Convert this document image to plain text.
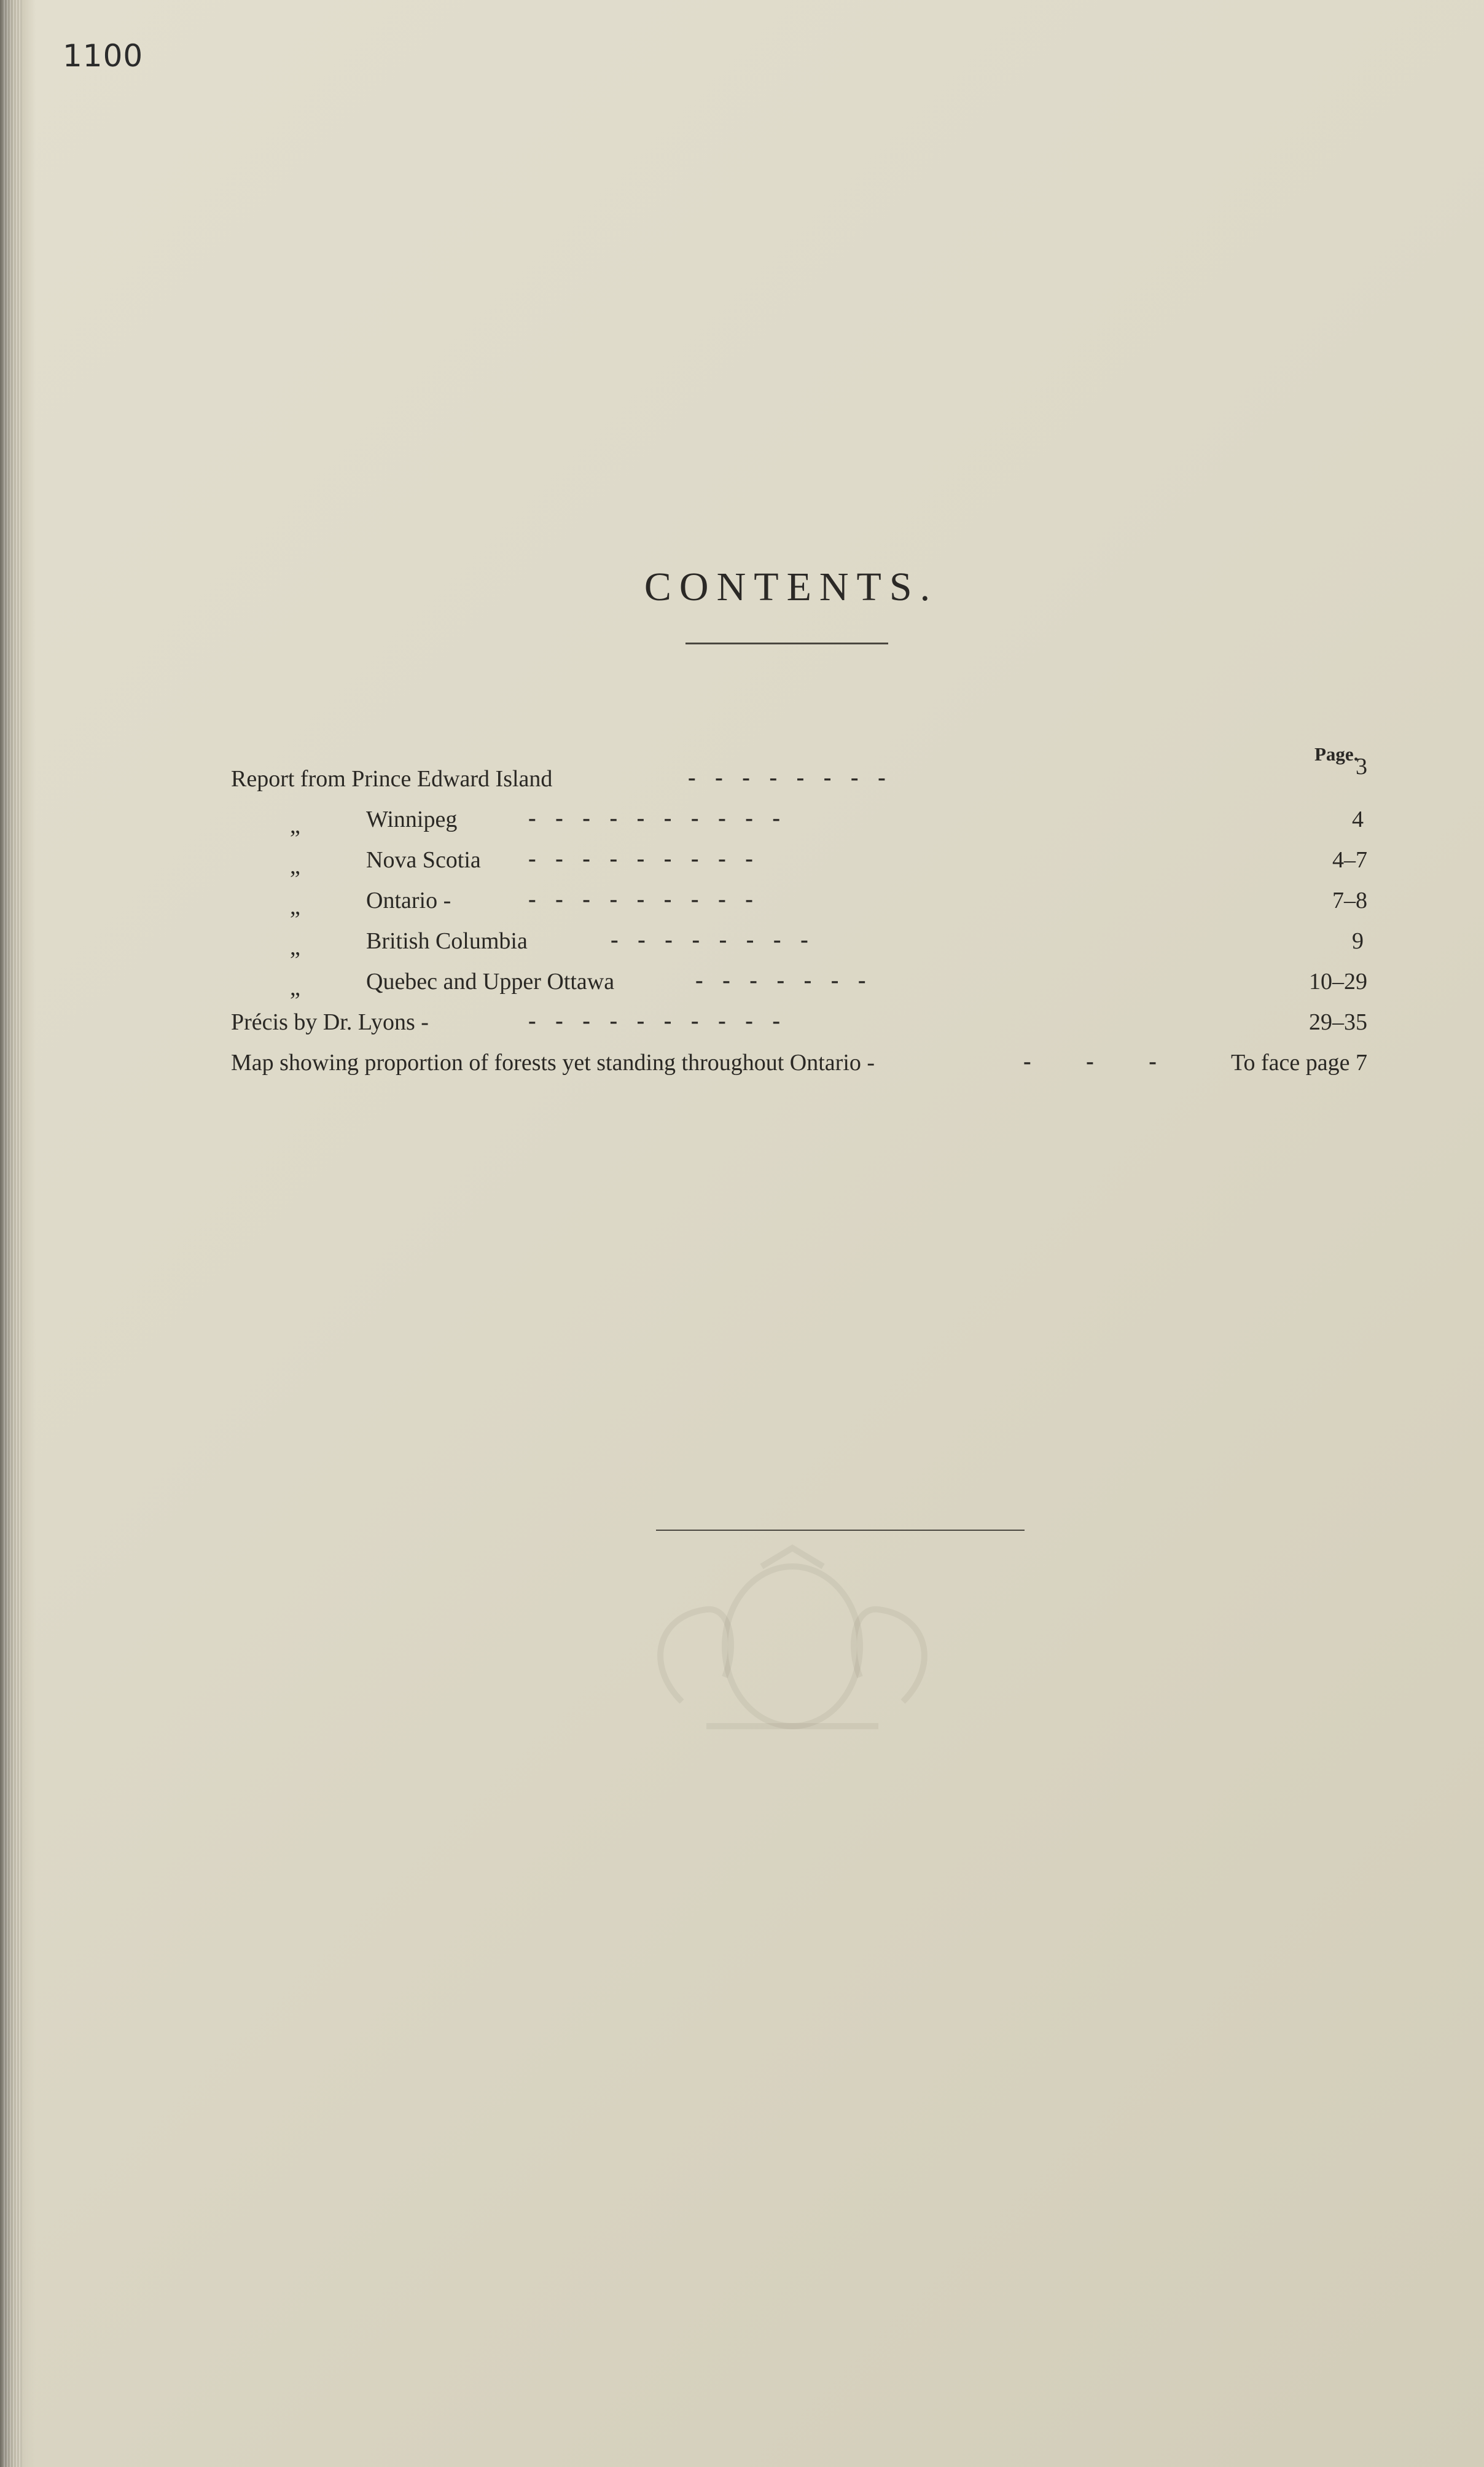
1100
CONTENTS.
Page.
Report from Prince Edward Island	- - - - - - - -	3
„	Winnipeg	- - - - - - - - - -	4
„	Nova Scotia - - - - - - - - -	4–7
„	Ontario -	- - - - - - - - -	7–8
„	British Columbia	- - - - - - - -	9
„	Quebec and Upper Ottawa	- - - - - - -	10–29
Précis by Dr. Lyons -	- - - - - - - - - -	29–35
Map showing proportion of forests yet standing throughout Ontario -	- - -	To face page 7
